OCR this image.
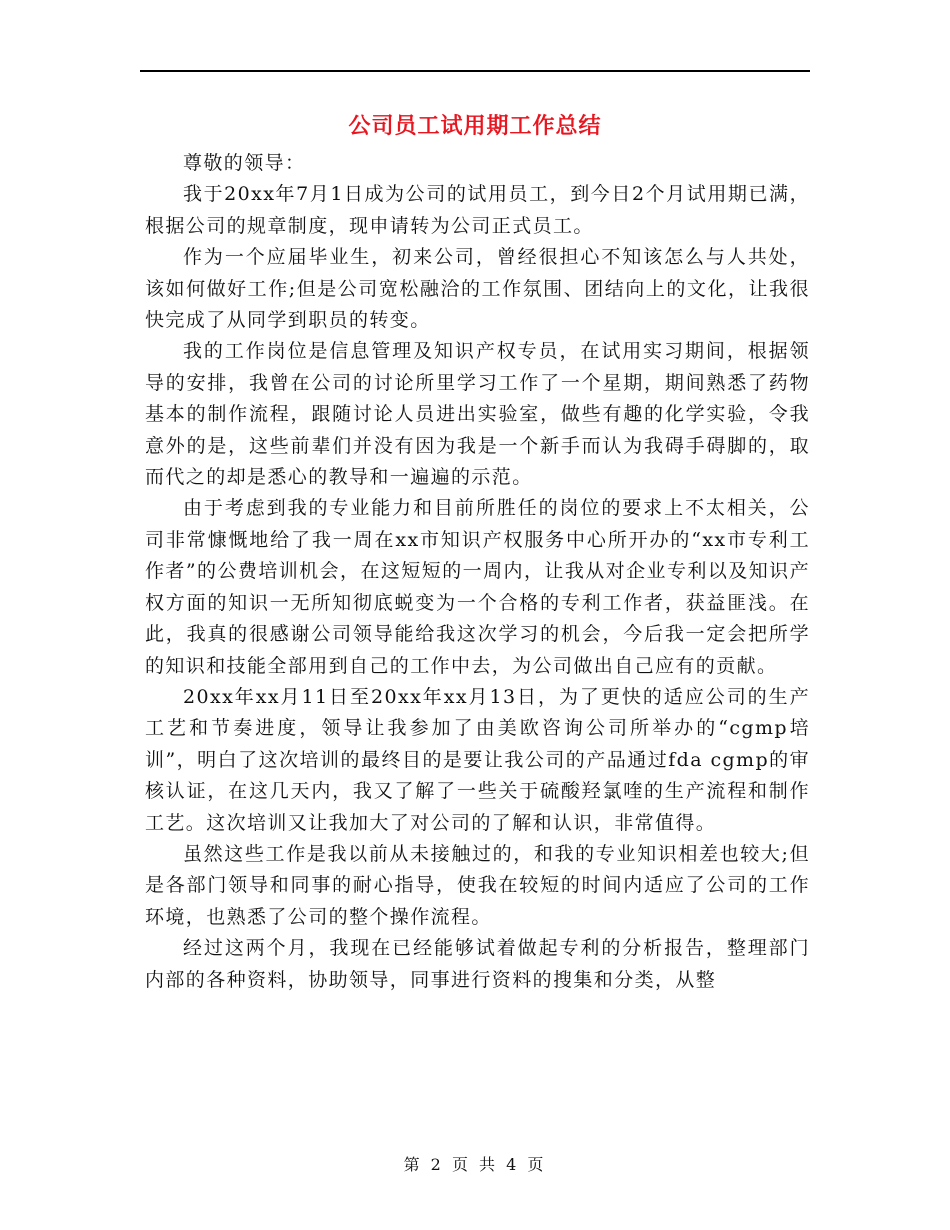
公司员工试用期工作总结

尊敬的领导：

我于20xx年7月1日成为公司的试用员工，到今日2个月试用期已满，根据公司的规章制度，现申请转为公司正式员工。

作为一个应届毕业生，初来公司，曾经很担心不知该怎么与人共处，该如何做好工作;但是公司宽松融洽的工作氛围、团结向上的文化，让我很快完成了从同学到职员的转变。

我的工作岗位是信息管理及知识产权专员，在试用实习期间，根据领导的安排，我曾在公司的讨论所里学习工作了一个星期，期间熟悉了药物基本的制作流程，跟随讨论人员进出实验室，做些有趣的化学实验，令我意外的是，这些前辈们并没有因为我是一个新手而认为我碍手碍脚的，取而代之的却是悉心的教导和一遍遍的示范。

由于考虑到我的专业能力和目前所胜任的岗位的要求上不太相关，公司非常慷慨地给了我一周在xx市知识产权服务中心所开办的“xx市专利工作者”的公费培训机会，在这短短的一周内，让我从对企业专利以及知识产权方面的知识一无所知彻底蜕变为一个合格的专利工作者，获益匪浅。在此，我真的很感谢公司领导能给我这次学习的机会，今后我一定会把所学的知识和技能全部用到自己的工作中去，为公司做出自己应有的贡献。

20xx年xx月11日至20xx年xx月13日，为了更快的适应公司的生产工艺和节奏进度，领导让我参加了由美欧咨询公司所举办的“cgmp培训”，明白了这次培训的最终目的是要让我公司的产品通过fda cgmp的审核认证，在这几天内，我又了解了一些关于硫酸羟氯喹的生产流程和制作工艺。这次培训又让我加大了对公司的了解和认识，非常值得。

虽然这些工作是我以前从未接触过的，和我的专业知识相差也较大;但是各部门领导和同事的耐心指导，使我在较短的时间内适应了公司的工作环境，也熟悉了公司的整个操作流程。

经过这两个月，我现在已经能够试着做起专利的分析报告，整理部门内部的各种资料，协助领导，同事进行资料的搜集和分类，从整

第 2 页 共 4 页
